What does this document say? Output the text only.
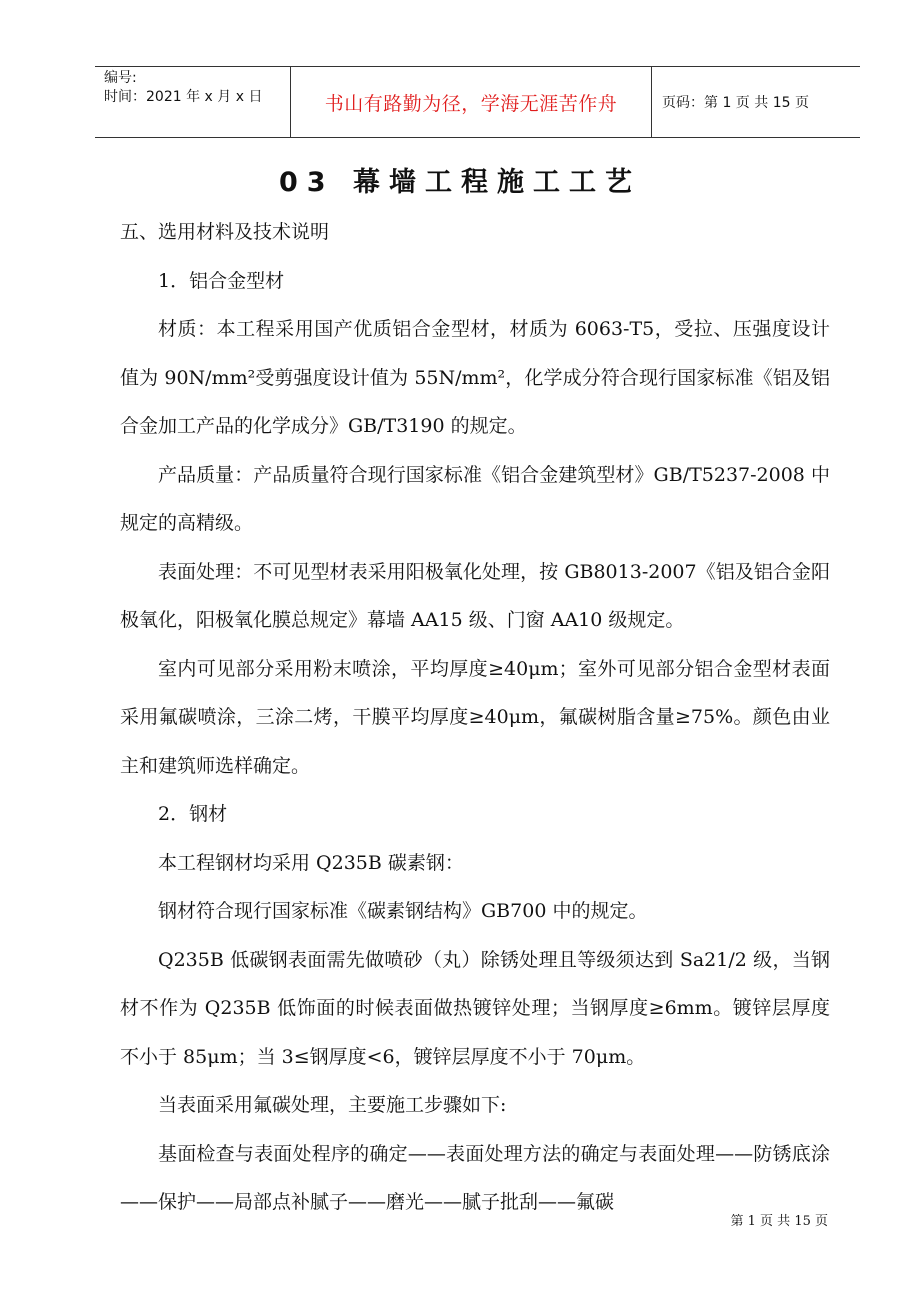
编号:
时间：2021 年 x 月 x 日	书山有路勤为径，学海无涯苦作舟	页码：第 1 页 共 15 页
03 幕墙工程施工工艺

五、选用材料及技术说明

1．铝合金型材

材质：本工程采用国产优质铝合金型材，材质为 6063-T5，受拉、压强度设计值为 90N/mm²受剪强度设计值为 55N/mm²，化学成分符合现行国家标准《铝及铝合金加工产品的化学成分》GB/T3190 的规定。

产品质量：产品质量符合现行国家标准《铝合金建筑型材》GB/T5237-2008 中规定的高精级。

表面处理：不可见型材表采用阳极氧化处理，按 GB8013-2007《铝及铝合金阳极氧化，阳极氧化膜总规定》幕墙 AA15 级、门窗 AA10 级规定。

室内可见部分采用粉末喷涂，平均厚度≥40μm；室外可见部分铝合金型材表面采用氟碳喷涂，三涂二烤，干膜平均厚度≥40μm，氟碳树脂含量≥75%。颜色由业主和建筑师选样确定。

2．钢材

本工程钢材均采用 Q235B 碳素钢：

钢材符合现行国家标准《碳素钢结构》GB700 中的规定。

Q235B 低碳钢表面需先做喷砂（丸）除锈处理且等级须达到 Sa21/2 级，当钢材不作为 Q235B 低饰面的时候表面做热镀锌处理；当钢厚度≥6mm。镀锌层厚度不小于 85μm；当 3≤钢厚度<6，镀锌层厚度不小于 70μm。

当表面采用氟碳处理，主要施工步骤如下:

基面检查与表面处程序的确定——表面处理方法的确定与表面处理——防锈底涂——保护——局部点补腻子——磨光——腻子批刮——氟碳

第 1 页 共 15 页
